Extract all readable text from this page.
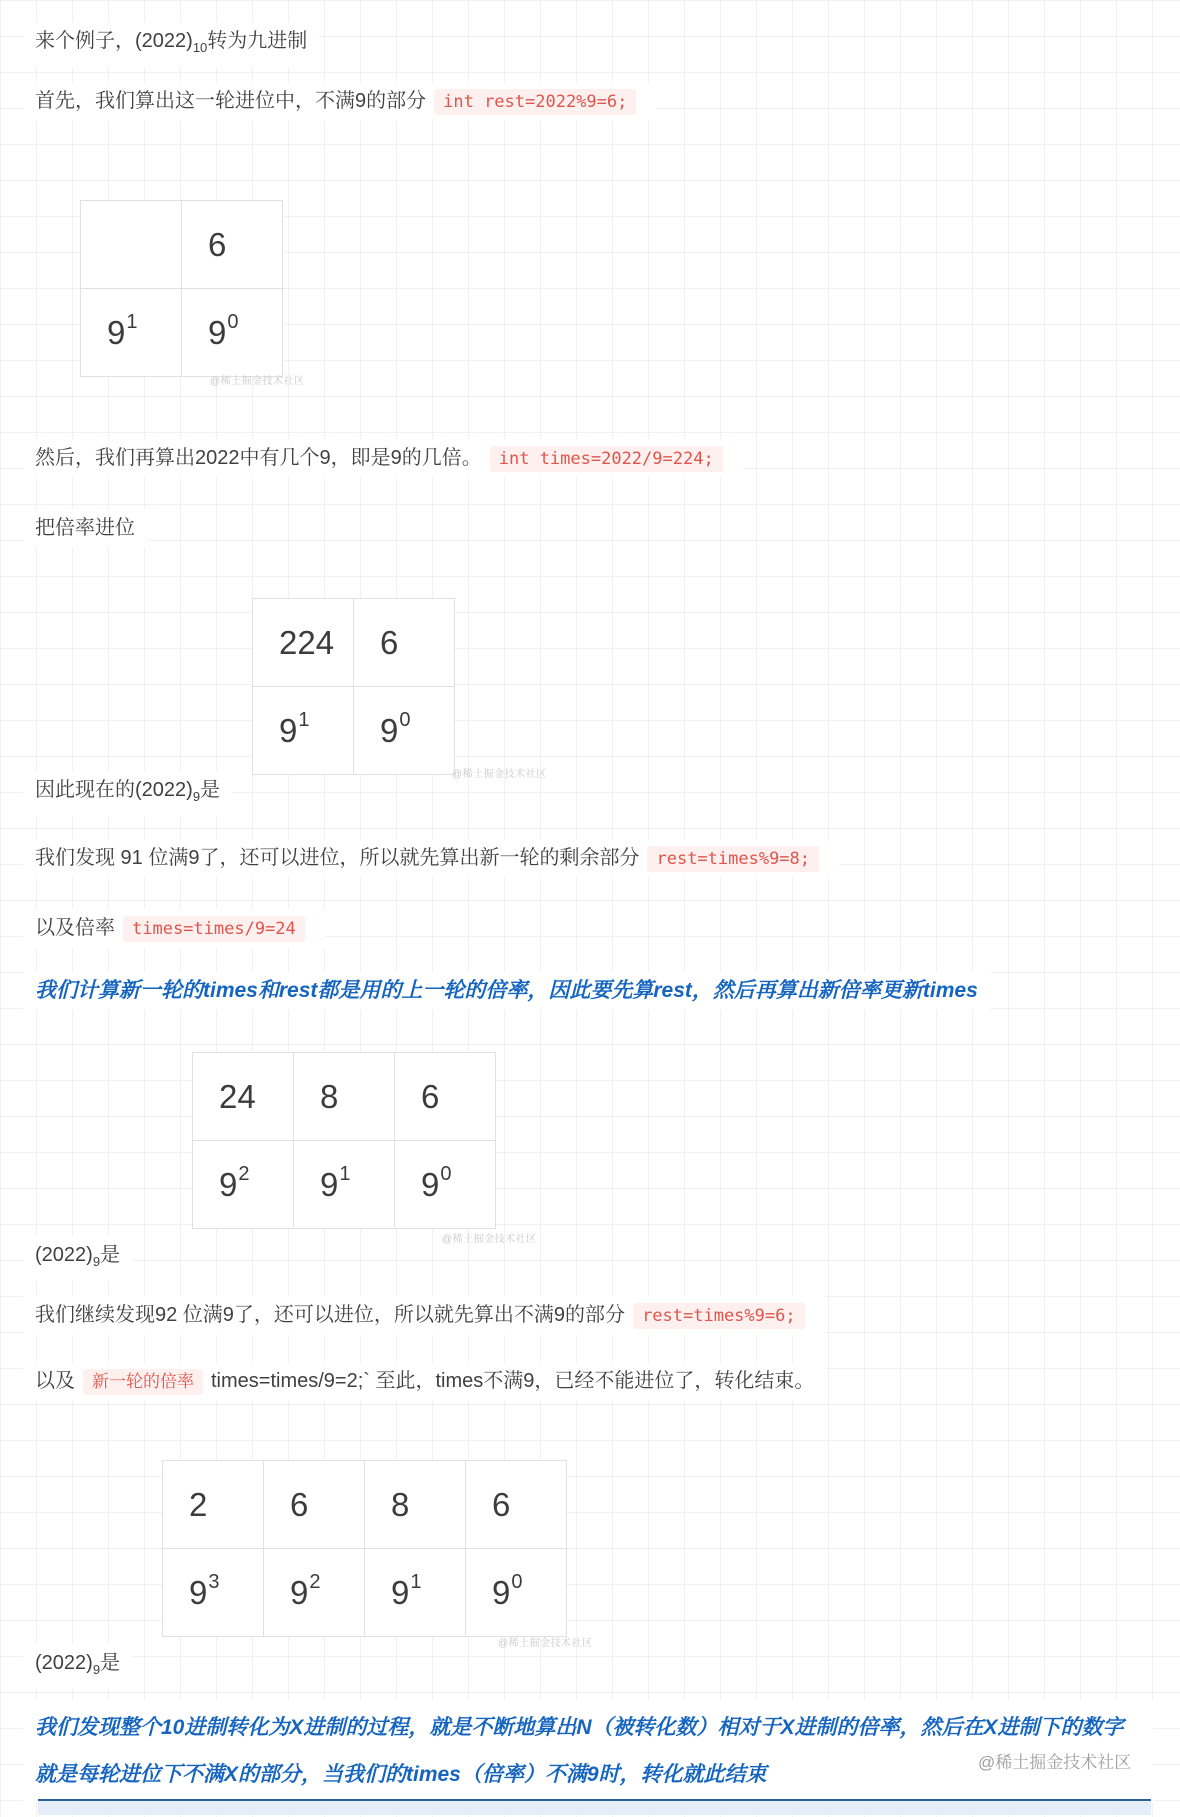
来个例子，$(2022)_{10}$转为九进制
首先，我们算出这一轮进位中，不满9的部分 int rest=2022%9=6;
	6
$9^1$	$9^0$
@稀土掘金技术社区
然后，我们再算出2022中有几个9，即是9的几倍。 int times=2022/9=224;
把倍率进位
224	6
$9^1$	$9^0$
@稀土掘金技术社区
因此现在的$(2022)_9$是
我们发现 91 位满9了，还可以进位，所以就先算出新一轮的剩余部分 rest=times%9=8;
以及倍率 times=times/9=24
我们计算新一轮的times和rest都是用的上一轮的倍率，因此要先算rest，然后再算出新倍率更新times
24	8	6
$9^2$	$9^1$	$9^0$
@稀土掘金技术社区
$(2022)_9$是
我们继续发现92 位满9了，还可以进位，所以就先算出不满9的部分 rest=times%9=6;
以及 新一轮的倍率 times=times/9=2;` 至此，times不满9，已经不能进位了，转化结束。
2	6	8	6
$9^3$	$9^2$	$9^1$	$9^0$
@稀土掘金技术社区
$(2022)_9$是
我们发现整个10进制转化为X进制的过程，就是不断地算出N（被转化数）相对于X进制的倍率，然后在X进制下的数字就是每轮进位下不满X的部分，当我们的times（倍率）不满9时，转化就此结束
@稀土掘金技术社区
